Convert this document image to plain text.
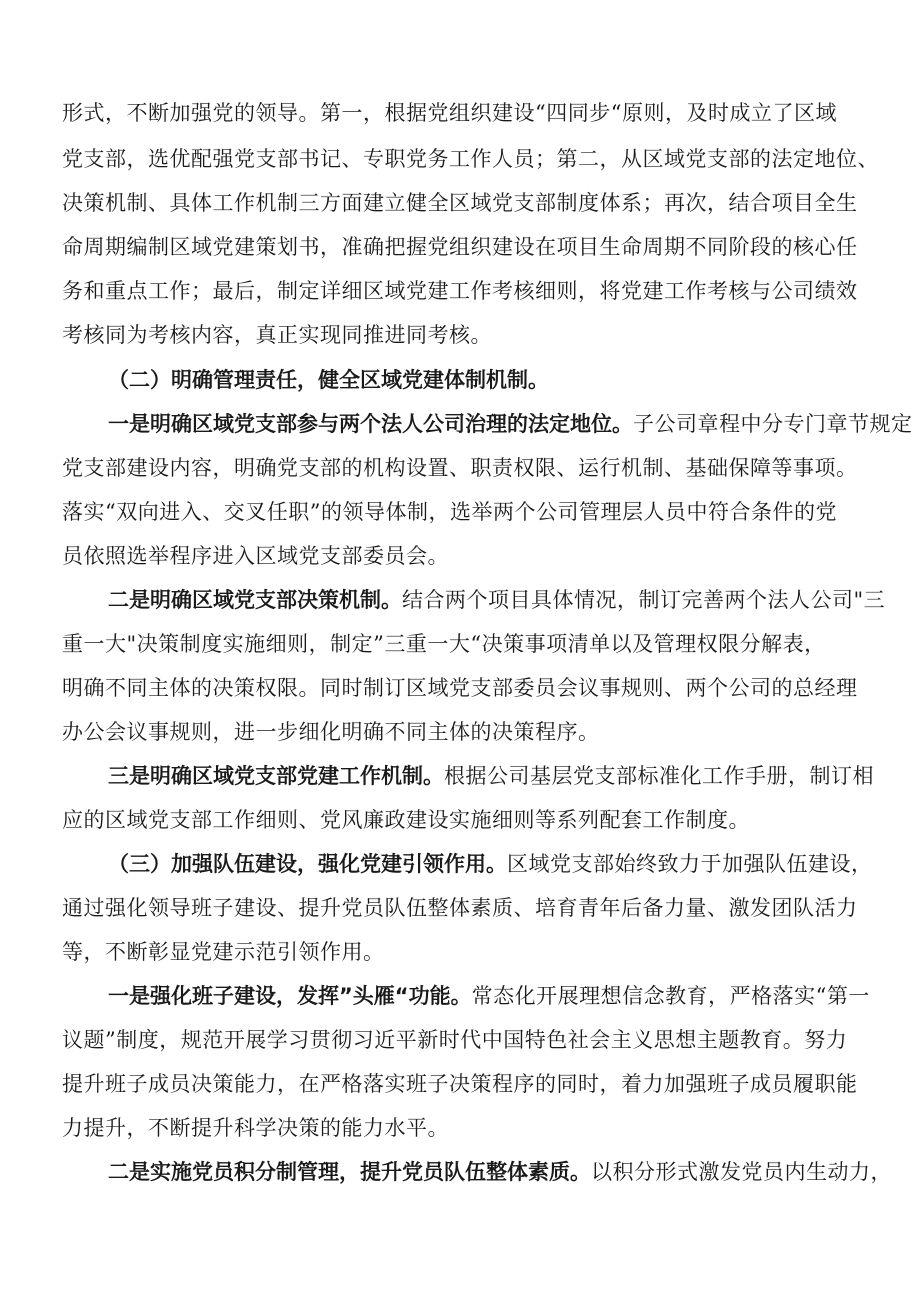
形式，不断加强党的领导。第一，根据党组织建设“四同步“原则，及时成立了区域
党支部，选优配强党支部书记、专职党务工作人员；第二，从区域党支部的法定地位、
决策机制、具体工作机制三方面建立健全区域党支部制度体系；再次，结合项目全生
命周期编制区域党建策划书，准确把握党组织建设在项目生命周期不同阶段的核心任
务和重点工作；最后，制定详细区域党建工作考核细则，将党建工作考核与公司绩效
考核同为考核内容，真正实现同推进同考核。
（二）明确管理责任，健全区域党建体制机制。
一是明确区域党支部参与两个法人公司治理的法定地位。子公司章程中分专门章节规定
党支部建设内容，明确党支部的机构设置、职责权限、运行机制、基础保障等事项。
落实“双向进入、交叉任职”的领导体制，选举两个公司管理层人员中符合条件的党
员依照选举程序进入区域党支部委员会。
二是明确区域党支部决策机制。结合两个项目具体情况，制订完善两个法人公司"三
重一大"决策制度实施细则，制定”三重一大“决策事项清单以及管理权限分解表，
明确不同主体的决策权限。同时制订区域党支部委员会议事规则、两个公司的总经理
办公会议事规则，进一步细化明确不同主体的决策程序。
三是明确区域党支部党建工作机制。根据公司基层党支部标准化工作手册，制订相
应的区域党支部工作细则、党风廉政建设实施细则等系列配套工作制度。
（三）加强队伍建设，强化党建引领作用。区域党支部始终致力于加强队伍建设，
通过强化领导班子建设、提升党员队伍整体素质、培育青年后备力量、激发团队活力
等，不断彰显党建示范引领作用。
一是强化班子建设，发挥”头雁“功能。常态化开展理想信念教育，严格落实“第一
议题”制度，规范开展学习贯彻习近平新时代中国特色社会主义思想主题教育。努力
提升班子成员决策能力，在严格落实班子决策程序的同时，着力加强班子成员履职能
力提升，不断提升科学决策的能力水平。
二是实施党员积分制管理，提升党员队伍整体素质。以积分形式激发党员内生动力，
